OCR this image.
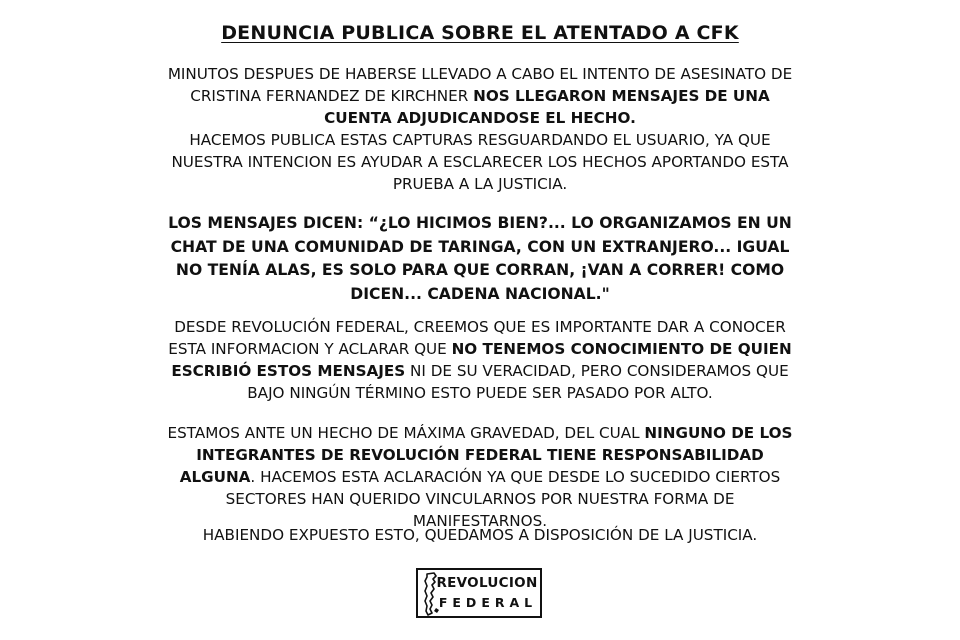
DENUNCIA PUBLICA SOBRE EL ATENTADO A CFK

MINUTOS DESPUES DE HABERSE LLEVADO A CABO EL INTENTO DE ASESINATO DE CRISTINA FERNANDEZ DE KIRCHNER NOS LLEGARON MENSAJES DE UNA CUENTA ADJUDICANDOSE EL HECHO.
HACEMOS PUBLICA ESTAS CAPTURAS RESGUARDANDO EL USUARIO, YA QUE NUESTRA INTENCION ES AYUDAR A ESCLARECER LOS HECHOS APORTANDO ESTA PRUEBA A LA JUSTICIA.

LOS MENSAJES DICEN: “¿LO HICIMOS BIEN?... LO ORGANIZAMOS EN UN CHAT DE UNA COMUNIDAD DE TARINGA, CON UN EXTRANJERO... IGUAL NO TENÍA ALAS, ES SOLO PARA QUE CORRAN, ¡VAN A CORRER! COMO DICEN... CADENA NACIONAL."

DESDE REVOLUCIÓN FEDERAL, CREEMOS QUE ES IMPORTANTE DAR A CONOCER ESTA INFORMACION Y ACLARAR QUE NO TENEMOS CONOCIMIENTO DE QUIEN ESCRIBIÓ ESTOS MENSAJES NI DE SU VERACIDAD, PERO CONSIDERAMOS QUE BAJO NINGÚN TÉRMINO ESTO PUEDE SER PASADO POR ALTO.

ESTAMOS ANTE UN HECHO DE MÁXIMA GRAVEDAD, DEL CUAL NINGUNO DE LOS INTEGRANTES DE REVOLUCIÓN FEDERAL TIENE RESPONSABILIDAD ALGUNA. HACEMOS ESTA ACLARACIÓN YA QUE DESDE LO SUCEDIDO CIERTOS SECTORES HAN QUERIDO VINCULARNOS POR NUESTRA FORMA DE MANIFESTARNOS.

HABIENDO EXPUESTO ESTO, QUEDAMOS A DISPOSICIÓN DE LA JUSTICIA.

REVOLUCION
FEDERAL
